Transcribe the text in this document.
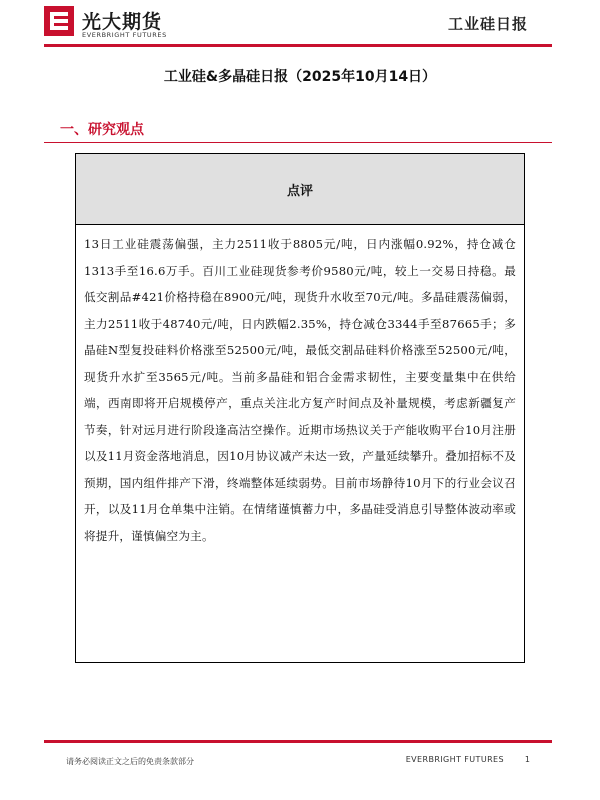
光大期货
EVERBRIGHT FUTURES
工业硅日报
工业硅&多晶硅日报（2025年10月14日）
一、研究观点
点评
13日工业硅震荡偏强，主力2511收于8805元/吨，日内涨幅0.92%，持仓减仓1313手至16.6万手。百川工业硅现货参考价9580元/吨，较上一交易日持稳。最低交割品#421价格持稳在8900元/吨，现货升水收至70元/吨。多晶硅震荡偏弱，主力2511收于48740元/吨，日内跌幅2.35%，持仓减仓3344手至87665手；多晶硅N型复投硅料价格涨至52500元/吨，最低交割品硅料价格涨至52500元/吨，现货升水扩至3565元/吨。当前多晶硅和铝合金需求韧性，主要变量集中在供给端，西南即将开启规模停产，重点关注北方复产时间点及补量规模，考虑新疆复产节奏，针对远月进行阶段逢高沽空操作。近期市场热议关于产能收购平台10月注册以及11月资金落地消息，因10月协议减产未达一致，产量延续攀升。叠加招标不及预期，国内组件排产下滑，终端整体延续弱势。目前市场静待10月下的行业会议召开，以及11月仓单集中注销。在情绪谨慎蓄力中，多晶硅受消息引导整体波动率或将提升，谨慎偏空为主。
请务必阅读正文之后的免责条款部分	EVERBRIGHT FUTURES	1
